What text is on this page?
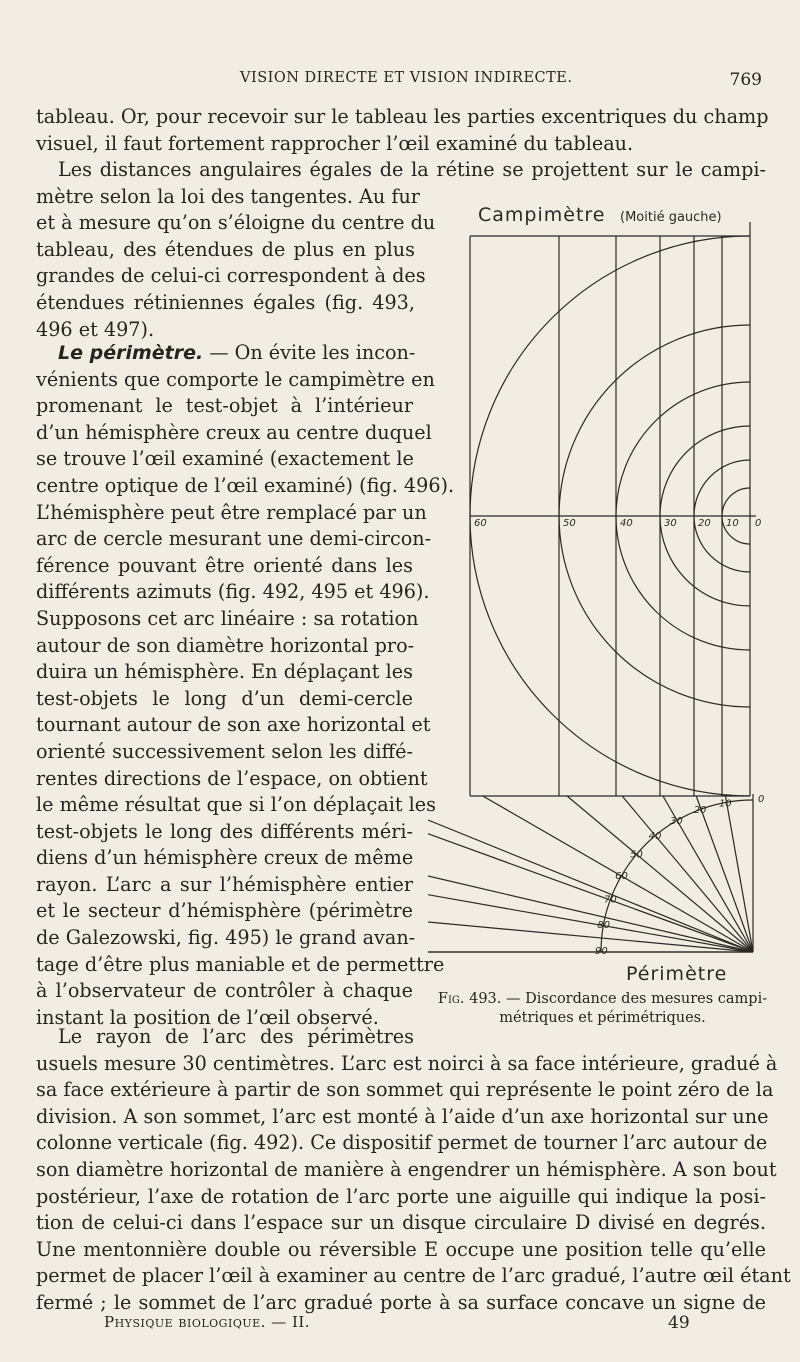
VISION DIRECTE ET VISION INDIRECTE.	769

tableau. Or, pour recevoir sur le tableau les parties excentriques du champ
visuel, il faut fortement rapprocher l’œil examiné du tableau.

Les distances angulaires égales de la rétine se projettent sur le campi-
mètre selon la loi des tangentes. Au fur
et à mesure qu’on s’éloigne du centre du
tableau, des étendues de plus en plus
grandes de celui-ci correspondent à des
étendues rétiniennes égales (fig. 493,
496 et 497).

Le périmètre. — On évite les incon-
vénients que comporte le campimètre en
promenant le test-objet à l’intérieur
d’un hémisphère creux au centre duquel
se trouve l’œil examiné (exactement le
centre optique de l’œil examiné) (fig. 496).
L’hémisphère peut être remplacé par un
arc de cercle mesurant une demi-circon-
férence pouvant être orienté dans les
différents azimuts (fig. 492, 495 et 496).
Supposons cet arc linéaire : sa rotation
autour de son diamètre horizontal pro-
duira un hémisphère. En déplaçant les
test-objets le long d’un demi-cercle
tournant autour de son axe horizontal et
orienté successivement selon les diffé-
rentes directions de l’espace, on obtient
le même résultat que si l’on déplaçait les
test-objets le long des différents méri-
diens d’un hémisphère creux de même
rayon. L’arc a sur l’hémisphère entier
et le secteur d’hémisphère (périmètre
de Galezowski, fig. 495) le grand avan-
tage d’être plus maniable et de permettre
à l’observateur de contrôler à chaque
instant la position de l’œil observé.

Campimètre (Moitié gauche)
Périmètre
60	50	40	30 20 10 0
10
20
30
40
50
60
70
80
90
0
Fig. 493. — Discordance des mesures campi-
métriques et périmétriques.

Le rayon de l’arc des périmètres
usuels mesure 30 centimètres. L’arc est noirci à sa face intérieure, gradué à
sa face extérieure à partir de son sommet qui représente le point zéro de la
division. A son sommet, l’arc est monté à l’aide d’un axe horizontal sur une
colonne verticale (fig. 492). Ce dispositif permet de tourner l’arc autour de
son diamètre horizontal de manière à engendrer un hémisphère. A son bout
postérieur, l’axe de rotation de l’arc porte une aiguille qui indique la posi-
tion de celui-ci dans l’espace sur un disque circulaire D divisé en degrés.
Une mentonnière double ou réversible E occupe une position telle qu’elle
permet de placer l’œil à examiner au centre de l’arc gradué, l’autre œil étant
fermé ; le sommet de l’arc gradué porte à sa surface concave un signe de

Physique biologique. — II.	49
